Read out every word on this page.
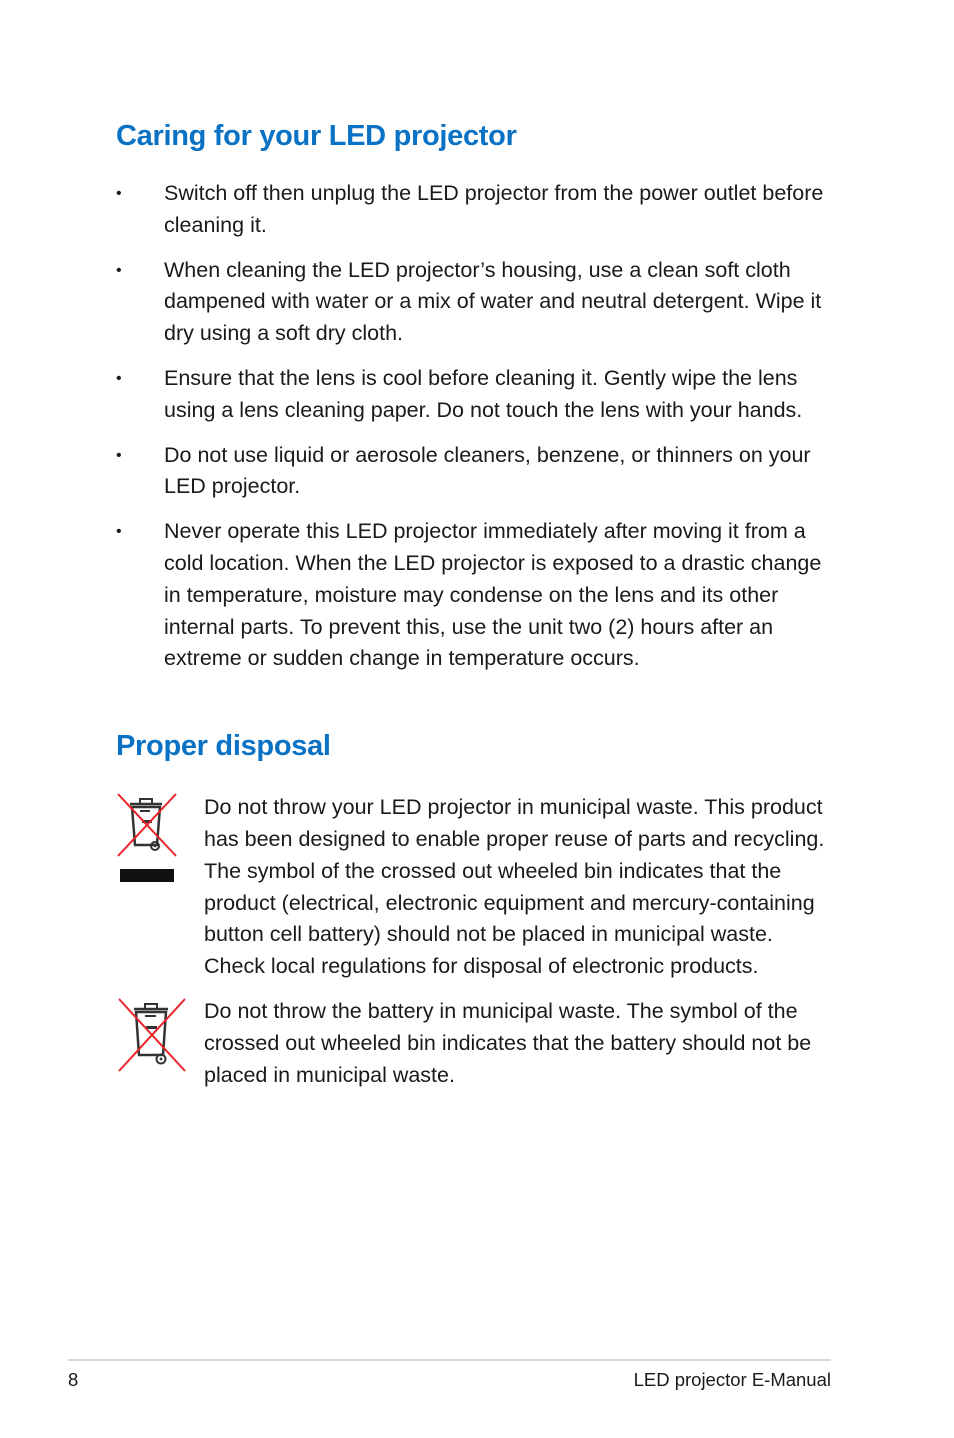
Caring for your LED projector
• Switch off then unplug the LED projector from the power outlet before cleaning it.
• When cleaning the LED projector’s housing, use a clean soft cloth dampened with water or a mix of water and neutral detergent. Wipe it dry using a soft dry cloth.
• Ensure that the lens is cool before cleaning it. Gently wipe the lens using a lens cleaning paper. Do not touch the lens with your hands.
• Do not use liquid or aerosole cleaners, benzene, or thinners on your LED projector.
• Never operate this LED projector immediately after moving it from a cold location. When the LED projector is exposed to a drastic change in temperature, moisture may condense on the lens and its other internal parts. To prevent this, use the unit two (2) hours after an extreme or sudden change in temperature occurs.
Proper disposal
Do not throw your LED projector in municipal waste. This product has been designed to enable proper reuse of parts and recycling. The symbol of the crossed out wheeled bin indicates that the product (electrical, electronic equipment and mercury-containing button cell battery) should not be placed in municipal waste. Check local regulations for disposal of electronic products.
Do not throw the battery in municipal waste. The symbol of the crossed out wheeled bin indicates that the battery should not be placed in municipal waste.
8	LED projector E-Manual
